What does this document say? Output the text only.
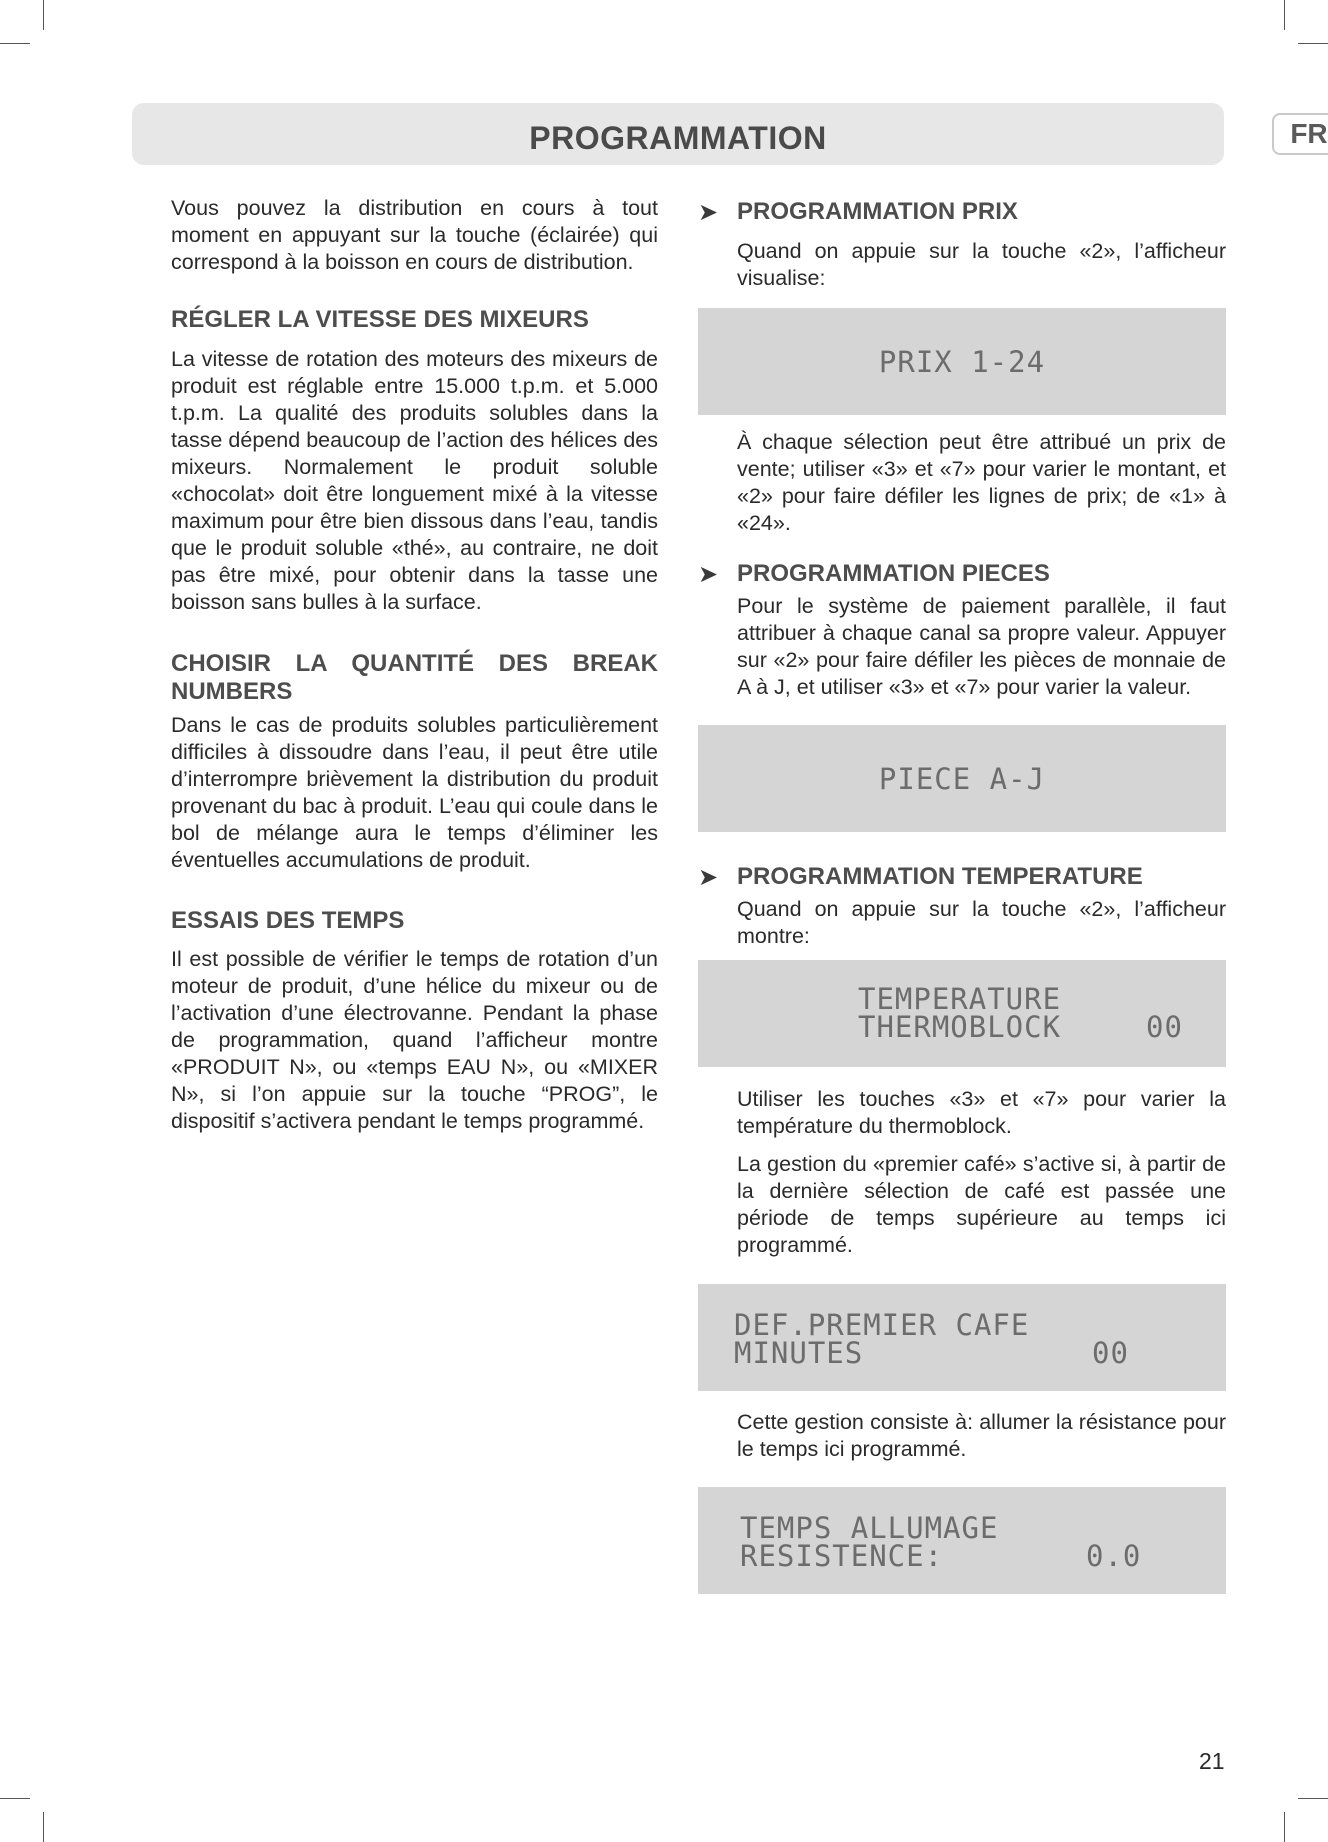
PROGRAMMATION	FR

Vous pouvez la distribution en cours à tout moment en appuyant sur la touche (éclairée) qui correspond à la boisson en cours de distribution.

RÉGLER LA VITESSE DES MIXEURS

La vitesse de rotation des moteurs des mixeurs de produit est réglable entre 15.000 t.p.m. et 5.000 t.p.m. La qualité des produits solubles dans la tasse dépend beaucoup de l’action des hélices des mixeurs. Normalement le produit soluble «chocolat» doit être longuement mixé à la vitesse maximum pour être bien dissous dans l’eau, tandis que le produit soluble «thé», au contraire, ne doit pas être mixé, pour obtenir dans la tasse une boisson sans bulles à la surface.

CHOISIR LA QUANTITÉ DES BREAK NUMBERS

Dans le cas de produits solubles particulièrement difficiles à dissoudre dans l’eau, il peut être utile d’interrompre brièvement la distribution du produit provenant du bac à produit. L’eau qui coule dans le bol de mélange aura le temps d’éliminer les éventuelles accumulations de produit.

ESSAIS DES TEMPS

Il est possible de vérifier le temps de rotation d’un moteur de produit, d’une hélice du mixeur ou de l’activation d’une électrovanne. Pendant la phase de programmation, quand l’afficheur montre «PRODUIT N», ou «temps EAU N», ou «MIXER N», si l’on appuie sur la touche “PROG”, le dispositif s’activera pendant le temps programmé.

➤ PROGRAMMATION PRIX

Quand on appuie sur la touche «2», l’afficheur visualise:

PRIX 1-24

À chaque sélection peut être attribué un prix de vente; utiliser «3» et «7» pour varier le montant, et «2» pour faire défiler les lignes de prix; de «1» à «24».

➤ PROGRAMMATION PIECES

Pour le système de paiement parallèle, il faut attribuer à chaque canal sa propre valeur. Appuyer sur «2» pour faire défiler les pièces de monnaie de A à J, et utiliser «3» et «7» pour varier la valeur.

PIECE A-J
➤ PROGRAMMATION TEMPERATURE

Quand on appuie sur la touche «2», l’afficheur montre:

TEMPERATURE
THERMOBLOCK	00

Utiliser les touches «3» et «7» pour varier la température du thermoblock.

La gestion du «premier café» s’active si, à partir de la dernière sélection de café est passée une période de temps supérieure au temps ici programmé.

DEF.PREMIER CAFE
MINUTES	00

Cette gestion consiste à: allumer la résistance pour le temps ici programmé.

TEMPS ALLUMAGE
RESISTENCE:	0.0
21
